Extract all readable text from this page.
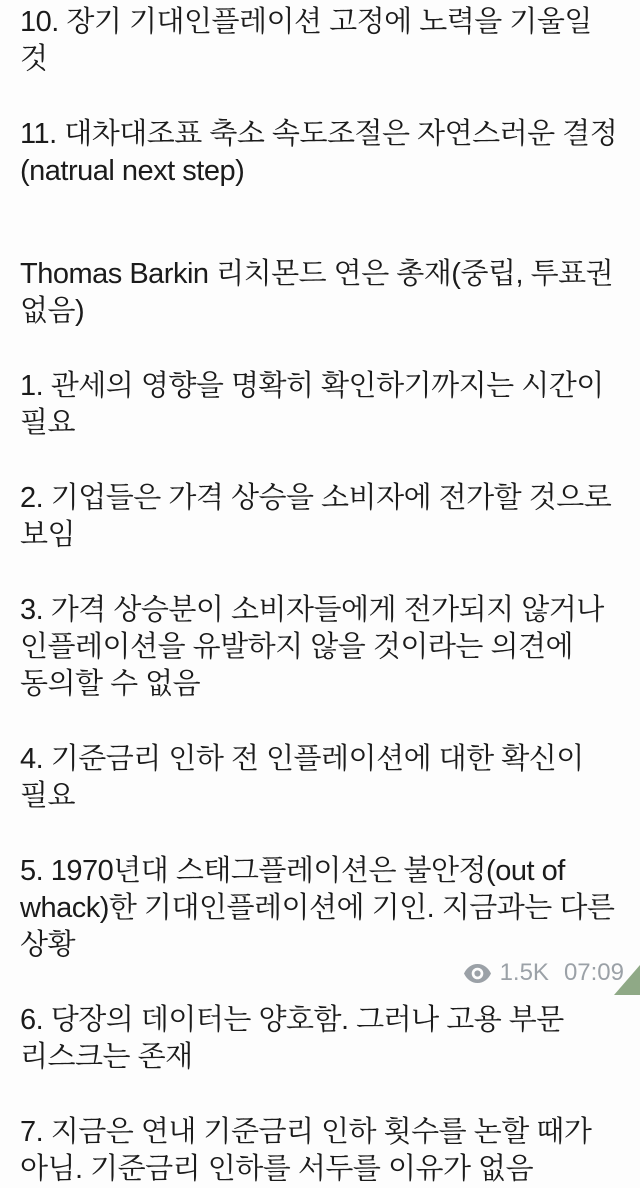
10. 장기 기대인플레이션 고정에 노력을 기울일 것

11. 대차대조표 축소 속도조절은 자연스러운 결정(natrual next step)

Thomas Barkin 리치몬드 연은 총재(중립, 투표권 없음)

1. 관세의 영향을 명확히 확인하기까지는 시간이 필요

2. 기업들은 가격 상승을 소비자에 전가할 것으로 보임

3. 가격 상승분이 소비자들에게 전가되지 않거나 인플레이션을 유발하지 않을 것이라는 의견에 동의할 수 없음

4. 기준금리 인하 전 인플레이션에 대한 확신이 필요

5. 1970년대 스태그플레이션은 불안정(out of whack)한 기대인플레이션에 기인. 지금과는 다른 상황

6. 당장의 데이터는 양호함. 그러나 고용 부문 리스크는 존재

7. 지금은 연내 기준금리 인하 횟수를 논할 때가 아님. 기준금리 인하를 서두를 이유가 없음

1.5K 07:09
